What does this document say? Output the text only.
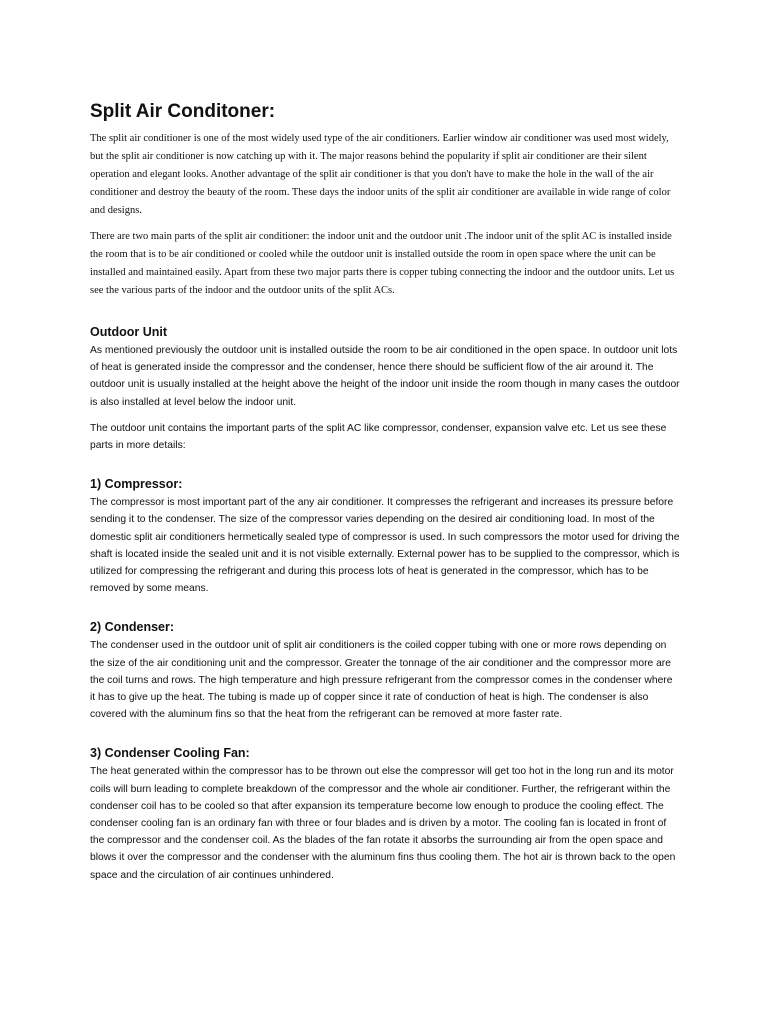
Split Air Conditoner:

The split air conditioner is one of the most widely used type of the air conditioners. Earlier window air conditioner was used most widely, but the split air conditioner is now catching up with it. The major reasons behind the popularity if split air conditioner are their silent operation and elegant looks. Another advantage of the split air conditioner is that you don't have to make the hole in the wall of the air conditioner and destroy the beauty of the room. These days the indoor units of the split air conditioner are available in wide range of color and designs.

There are two main parts of the split air conditioner: the indoor unit and the outdoor unit .The indoor unit of the split AC is installed inside the room that is to be air conditioned or cooled while the outdoor unit is installed outside the room in open space where the unit can be installed and maintained easily. Apart from these two major parts there is copper tubing connecting the indoor and the outdoor units. Let us see the various parts of the indoor and the outdoor units of the split ACs.

Outdoor Unit

As mentioned previously the outdoor unit is installed outside the room to be air conditioned in the open space. In outdoor unit lots of heat is generated inside the compressor and the condenser, hence there should be sufficient flow of the air around it. The outdoor unit is usually installed at the height above the height of the indoor unit inside the room though in many cases the outdoor is also installed at level below the indoor unit.

The outdoor unit contains the important parts of the split AC like compressor, condenser, expansion valve etc. Let us see these parts in more details:

1) Compressor:

The compressor is most important part of the any air conditioner. It compresses the refrigerant and increases its pressure before sending it to the condenser. The size of the compressor varies depending on the desired air conditioning load. In most of the domestic split air conditioners hermetically sealed type of compressor is used. In such compressors the motor used for driving the shaft is located inside the sealed unit and it is not visible externally. External power has to be supplied to the compressor, which is utilized for compressing the refrigerant and during this process lots of heat is generated in the compressor, which has to be removed by some means.

2) Condenser:

The condenser used in the outdoor unit of split air conditioners is the coiled copper tubing with one or more rows depending on the size of the air conditioning unit and the compressor. Greater the tonnage of the air conditioner and the compressor more are the coil turns and rows. The high temperature and high pressure refrigerant from the compressor comes in the condenser where it has to give up the heat. The tubing is made up of copper since it rate of conduction of heat is high. The condenser is also covered with the aluminum fins so that the heat from the refrigerant can be removed at more faster rate.

3) Condenser Cooling Fan:

The heat generated within the compressor has to be thrown out else the compressor will get too hot in the long run and its motor coils will burn leading to complete breakdown of the compressor and the whole air conditioner. Further, the refrigerant within the condenser coil has to be cooled so that after expansion its temperature become low enough to produce the cooling effect. The condenser cooling fan is an ordinary fan with three or four blades and is driven by a motor. The cooling fan is located in front of the compressor and the condenser coil. As the blades of the fan rotate it absorbs the surrounding air from the open space and blows it over the compressor and the condenser with the aluminum fins thus cooling them. The hot air is thrown back to the open space and the circulation of air continues unhindered.
